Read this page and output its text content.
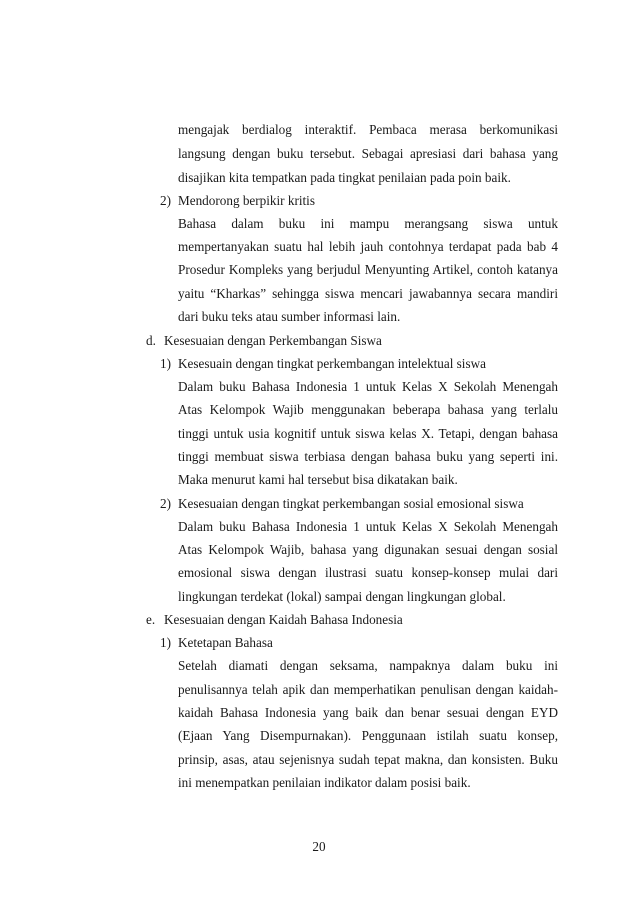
mengajak berdialog interaktif. Pembaca merasa berkomunikasi
langsung dengan buku tersebut. Sebagai apresiasi dari bahasa yang
disajikan kita tempatkan pada tingkat penilaian pada poin baik.
2) Mendorong berpikir kritis
Bahasa dalam buku ini mampu merangsang siswa untuk
mempertanyakan suatu hal lebih jauh contohnya terdapat pada bab 4
Prosedur Kompleks yang berjudul Menyunting Artikel, contoh katanya
yaitu “Kharkas” sehingga siswa mencari jawabannya secara mandiri
dari buku teks atau sumber informasi lain.
d. Kesesuaian dengan Perkembangan Siswa
1) Kesesuain dengan tingkat perkembangan intelektual siswa
Dalam buku Bahasa Indonesia 1 untuk Kelas X Sekolah Menengah
Atas Kelompok Wajib menggunakan beberapa bahasa yang terlalu
tinggi untuk usia kognitif untuk siswa kelas X. Tetapi, dengan bahasa
tinggi membuat siswa terbiasa dengan bahasa buku yang seperti ini.
Maka menurut kami hal tersebut bisa dikatakan baik.
2) Kesesuaian dengan tingkat perkembangan sosial emosional siswa
Dalam buku Bahasa Indonesia 1 untuk Kelas X Sekolah Menengah
Atas Kelompok Wajib, bahasa yang digunakan sesuai dengan sosial
emosional siswa dengan ilustrasi suatu konsep-konsep mulai dari
lingkungan terdekat (lokal) sampai dengan lingkungan global.
e. Kesesuaian dengan Kaidah Bahasa Indonesia
1) Ketetapan Bahasa
Setelah diamati dengan seksama, nampaknya dalam buku ini
penulisannya telah apik dan memperhatikan penulisan dengan kaidah-
kaidah Bahasa Indonesia yang baik dan benar sesuai dengan EYD
(Ejaan Yang Disempurnakan). Penggunaan istilah suatu konsep,
prinsip, asas, atau sejenisnya sudah tepat makna, dan konsisten. Buku
ini menempatkan penilaian indikator dalam posisi baik.
20
